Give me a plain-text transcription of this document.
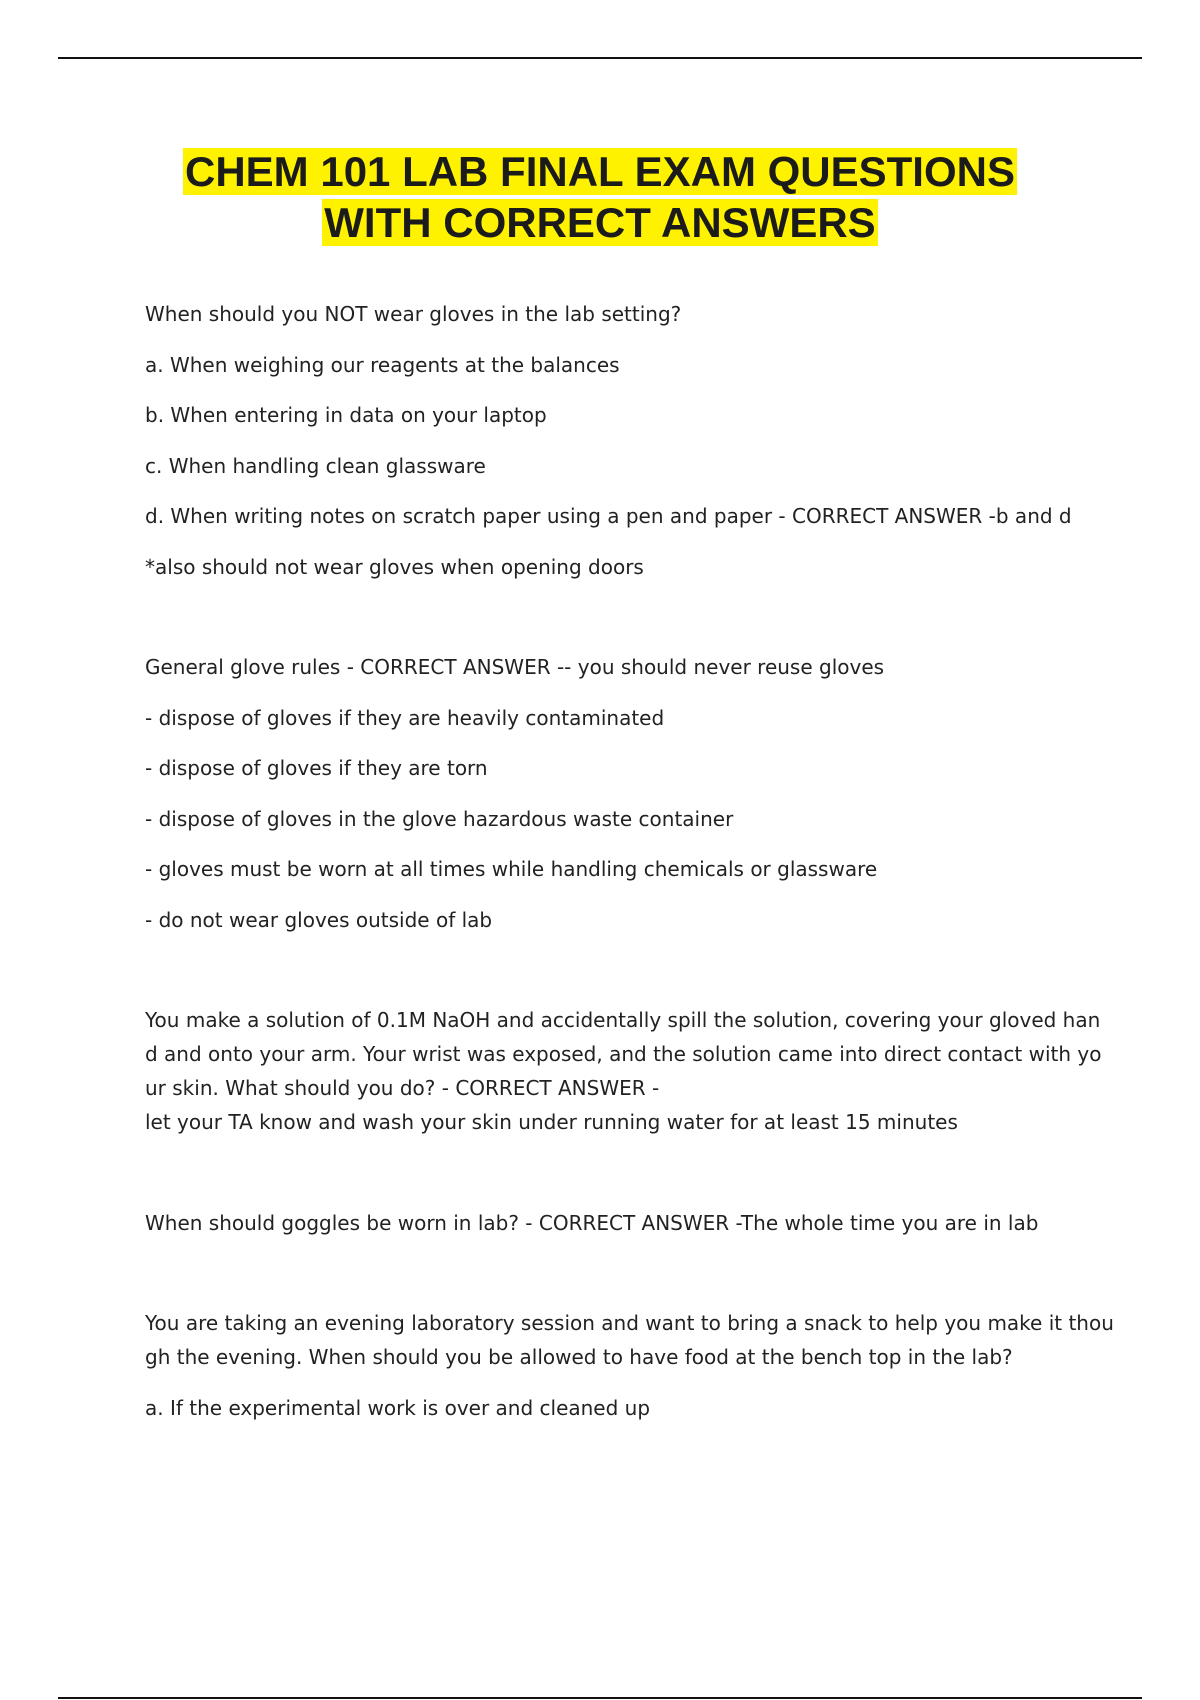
CHEM 101 LAB FINAL EXAM QUESTIONS
WITH CORRECT ANSWERS

When should you NOT wear gloves in the lab setting?

a. When weighing our reagents at the balances

b. When entering in data on your laptop

c. When handling clean glassware

d. When writing notes on scratch paper using a pen and paper - CORRECT ANSWER -b and d

*also should not wear gloves when opening doors

General glove rules - CORRECT ANSWER -- you should never reuse gloves

- dispose of gloves if they are heavily contaminated

- dispose of gloves if they are torn

- dispose of gloves in the glove hazardous waste container

- gloves must be worn at all times while handling chemicals or glassware

- do not wear gloves outside of lab

You make a solution of 0.1M NaOH and accidentally spill the solution, covering your gloved han
d and onto your arm. Your wrist was exposed, and the solution came into direct contact with yo
ur skin. What should you do? - CORRECT ANSWER -
let your TA know and wash your skin under running water for at least 15 minutes

When should goggles be worn in lab? - CORRECT ANSWER -The whole time you are in lab

You are taking an evening laboratory session and want to bring a snack to help you make it thou
gh the evening. When should you be allowed to have food at the bench top in the lab?

a. If the experimental work is over and cleaned up
